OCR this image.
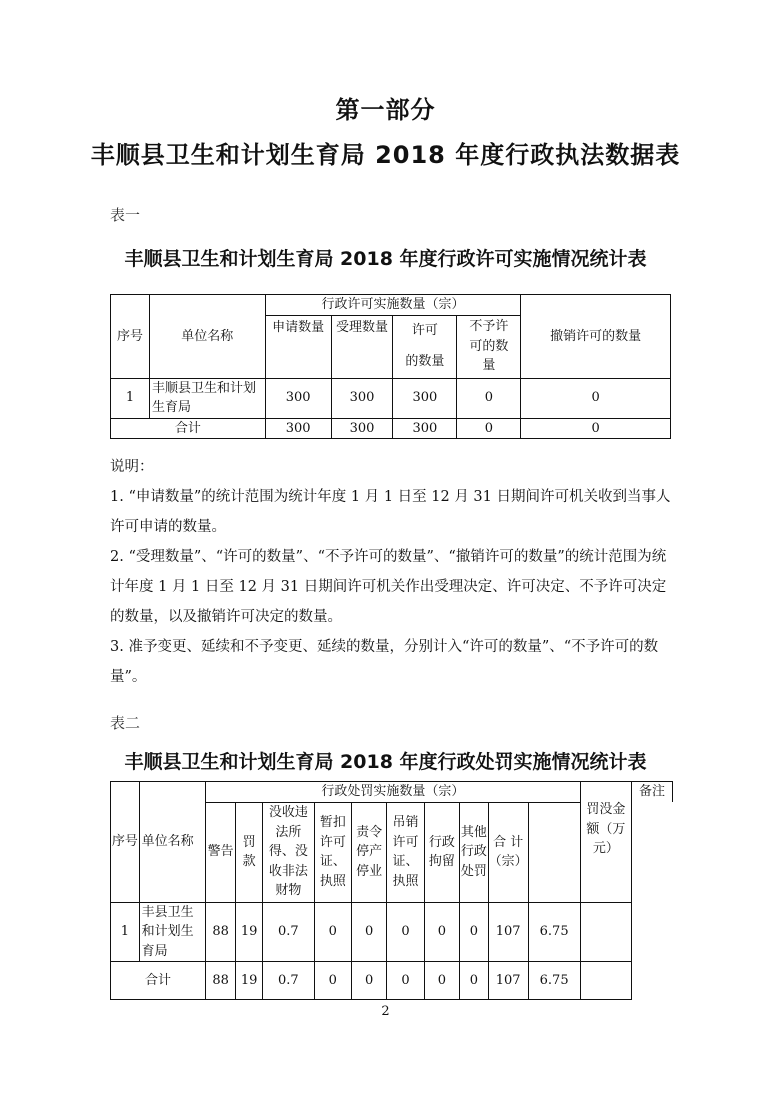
第一部分
丰顺县卫生和计划生育局 2018 年度行政执法数据表
表一
丰顺县卫生和计划生育局 2018 年度行政许可实施情况统计表
序号	单位名称	行政许可实施数量（宗）				撤销许可的数量
		申请数量	受理数量	许可	不予许可的数量	
				的数量		
1	丰顺县卫生和计划生育局	300	300	300	0	0
合计		300	300	300	0	0

说明：

1. “申请数量”的统计范围为统计年度 1 月 1 日至 12 月 31 日期间许可机关收到当事人许可申请的数量。

2. “受理数量”、“许可的数量”、“不予许可的数量”、“撤销许可的数量”的统计范围为统计年度 1 月 1 日至 12 月 31 日期间许可机关作出受理决定、许可决定、不予许可决定的数量，以及撤销许可决定的数量。

3. 准予变更、延续和不予变更、延续的数量，分别计入“许可的数量”、“不予许可的数量”。

表二
丰顺县卫生和计划生育局 2018 年度行政处罚实施情况统计表
序号	单位名称	行政处罚实施数量（宗）										罚没金额（万元）	备注
		警告	罚款	没收违法所得、没收非法财物	暂扣许可证、执照	责令停产停业	吊销许可证、执照	行政拘留	其他行政处罚	合 计（宗）			
1	丰县卫生和计划生育局	88	19	0.7	0	0	0	0	0	107	6.75		
合计		88	19	0.7	0	0	0	0	0	107	6.75		
2
